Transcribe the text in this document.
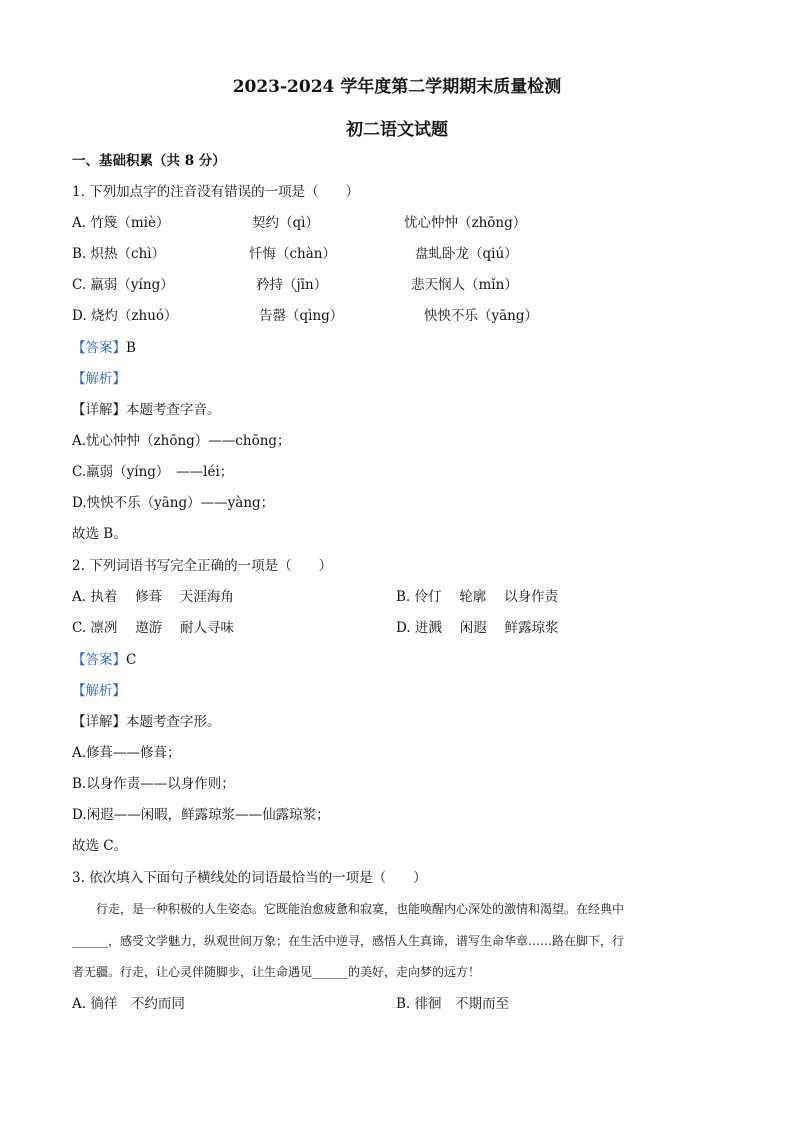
2023-2024 学年度第二学期期末质量检测
初二语文试题
一、基础积累（共 8 分）
1. 下列加点字的注音没有错误的一项是（　　）
A. 竹篾（miè）	契约（qì）	忧心忡忡（zhōng）
B. 炽热（chì）	忏悔（chàn）	盘虬卧龙（qiú）
C. 羸弱（yíng）	矜持（jīn）	悲天悯人（mǐn）
D. 烧灼（zhuó）	告罄（qìng）	怏怏不乐（yāng）
【答案】B
【解析】
【详解】本题考查字音。
A.忧心忡忡（zhōng）——chōng；
C.羸弱（yíng）　——léi；
D.怏怏不乐（yāng）——yàng；
故选 B。
2. 下列词语书写完全正确的一项是（　　）
A. 执着　 修葺　 天涯海角	B. 伶仃　 轮廓　 以身作责
C. 凛冽　 遨游　 耐人寻味	D. 迸溅　 闲遐　 鲜露琼浆
【答案】C
【解析】
【详解】本题考查字形。
A.修葺——修葺；
B.以身作责——以身作则；
D.闲遐——闲暇，鲜露琼浆——仙露琼浆；
故选 C。
3. 依次填入下面句子横线处的词语最恰当的一项是（　　）
行走，是一种积极的人生姿态。它既能治愈疲惫和寂寞，也能唤醒内心深处的激情和渴望。在经典中
______，感受文学魅力，纵观世间万象；在生活中逆寻，感悟人生真谛，谱写生命华章……路在脚下，行
者无疆。行走，让心灵伴随脚步，让生命遇见______的美好，走向梦的远方！
A. 徜徉　不约而同	B. 徘徊　不期而至
